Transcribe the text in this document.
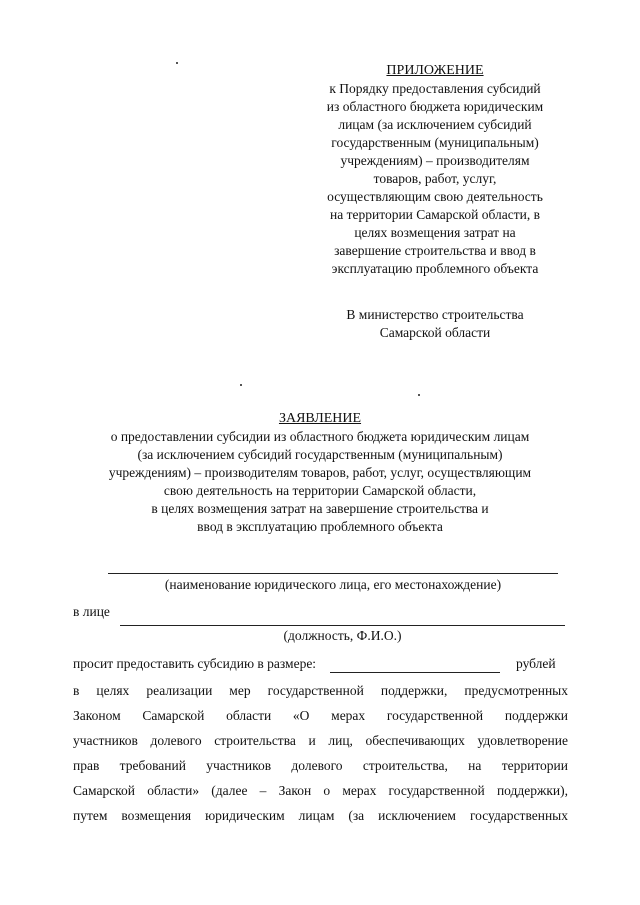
ПРИЛОЖЕНИЕ
к Порядку предоставления субсидий
из областного бюджета юридическим
лицам (за исключением субсидий
государственным (муниципальным)
учреждениям) – производителям
товаров, работ, услуг,
осуществляющим свою деятельность
на территории Самарской области, в
целях возмещения затрат на
завершение строительства и ввод в
эксплуатацию проблемного объекта
В министерство строительства
Самарской области
ЗАЯВЛЕНИЕ
о предоставлении субсидии из областного бюджета юридическим лицам
(за исключением субсидий государственным (муниципальным)
учреждениям) – производителям товаров, работ, услуг, осуществляющим
свою деятельность на территории Самарской области,
в целях возмещения затрат на завершение строительства и
ввод в эксплуатацию проблемного объекта
(наименование юридического лица, его местонахождение)
в лице
(должность, Ф.И.О.)
просит предоставить субсидию в размере:	рублей
в целях реализации мер государственной поддержки, предусмотренных
Законом Самарской области «О мерах государственной поддержки
участников долевого строительства и лиц, обеспечивающих удовлетворение
прав требований участников долевого строительства, на территории
Самарской области» (далее – Закон о мерах государственной поддержки),
путем возмещения юридическим лицам (за исключением государственных
